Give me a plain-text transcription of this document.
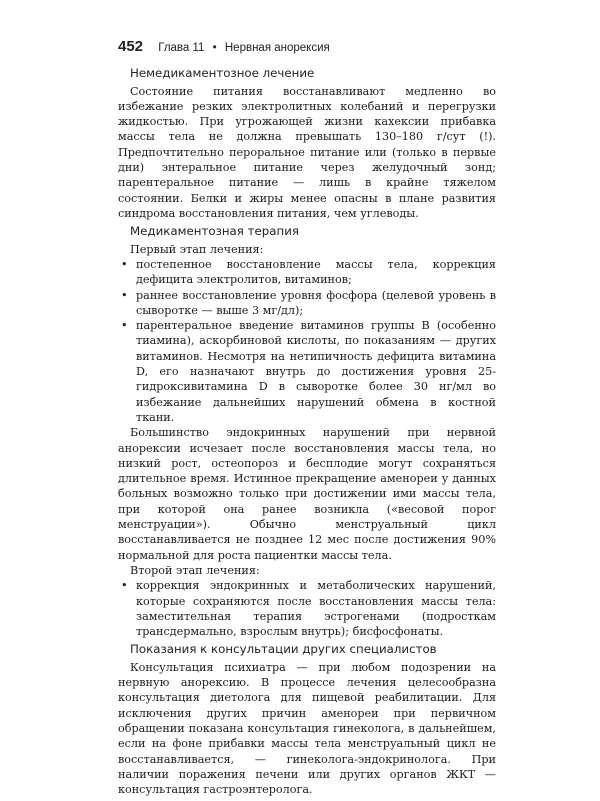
452 Глава 11 • Нервная анорексия
Немедикаментозное лечение

Состояние питания восстанавливают медленно во избежание резких электролитных колебаний и перегрузки жидкостью. При угрожающей жизни кахексии прибавка массы тела не должна превышать 130–180 г/сут (!). Предпочтительно пероральное питание или (только в первые дни) энтеральное питание через желудочный зонд; парентеральное питание — лишь в крайне тяжелом состоянии. Белки и жиры менее опасны в плане развития синдрома восстановления питания, чем углеводы.

Медикаментозная терапия

Первый этап лечения:

• постепенное восстановление массы тела, коррекция дефицита электролитов, витаминов;
• раннее восстановление уровня фосфора (целевой уровень в сыворотке — выше 3 мг/дл);
• парентеральное введение витаминов группы В (особенно тиамина), аскорбиновой кислоты, по показаниям — других витаминов. Несмотря на нетипичность дефицита витамина D, его назначают внутрь до достижения уровня 25-гидроксивитамина D в сыворотке более 30 нг/мл во избежание дальнейших нарушений обмена в костной ткани.

Большинство эндокринных нарушений при нервной анорексии исчезает после восстановления массы тела, но низкий рост, остеопороз и бесплодие могут сохраняться длительное время. Истинное прекращение аменореи у данных больных возможно только при достижении ими массы тела, при которой она ранее возникла («весовой порог менструации»). Обычно менструальный цикл восстанавливается не позднее 12 мес после достижения 90% нормальной для роста пациентки массы тела.

Второй этап лечения:

• коррекция эндокринных и метаболических нарушений, которые сохраняются после восстановления массы тела: заместительная терапия эстрогенами (подросткам трансдермально, взрослым внутрь); бисфосфонаты.
Показания к консультации других специалистов

Консультация психиатра — при любом подозрении на нервную анорексию. В процессе лечения целесообразна консультация диетолога для пищевой реабилитации. Для исключения других причин аменореи при первичном обращении показана консультация гинеколога, в дальнейшем, если на фоне прибавки массы тела менструальный цикл не восстанавливается, — гинеколога-эндокринолога. При наличии поражения печени или других органов ЖКТ — консультация гастроэнтеролога.
